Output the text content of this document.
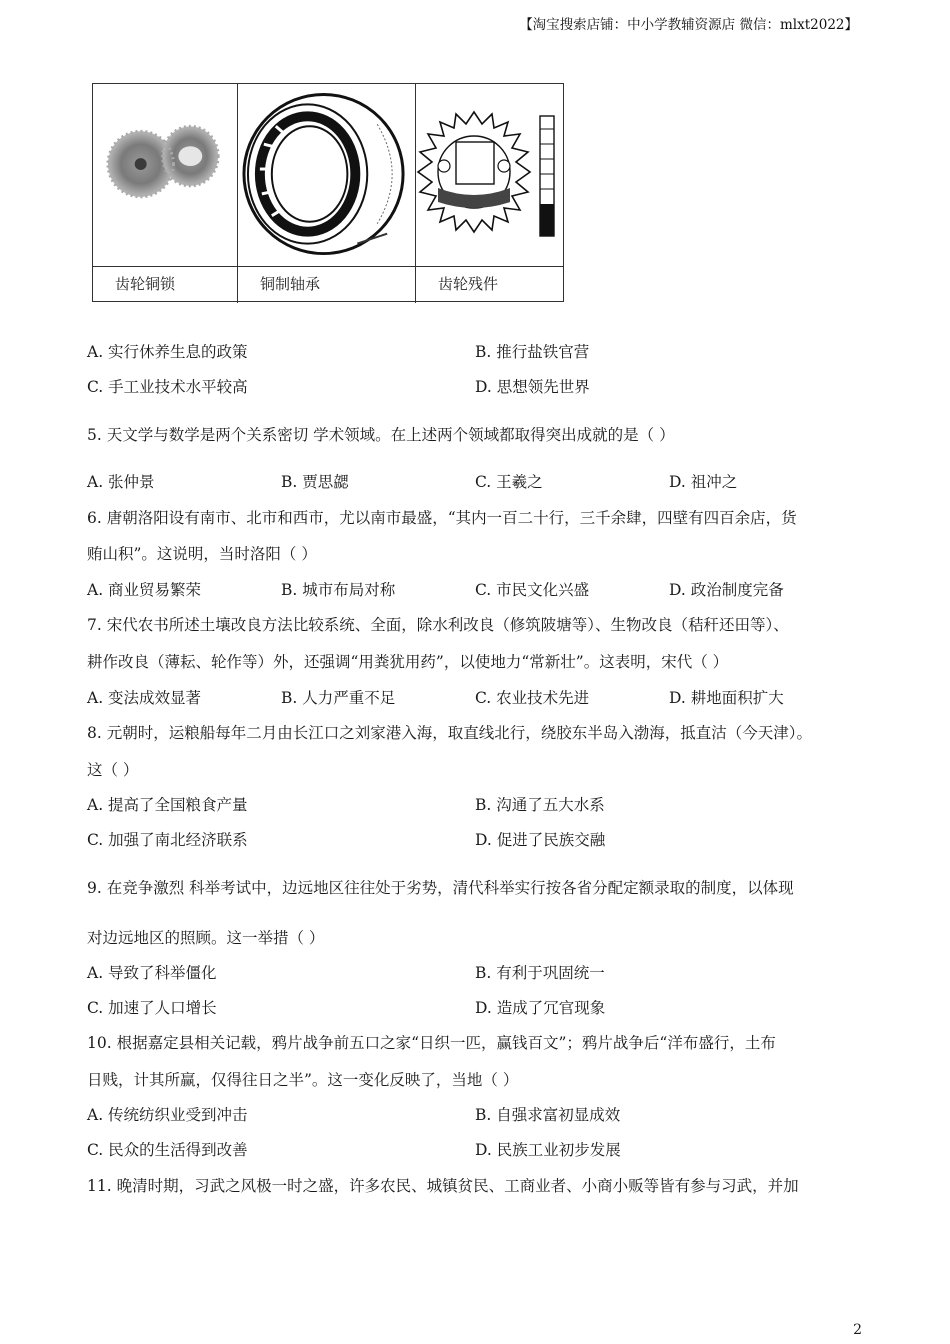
【淘宝搜索店铺：中小学教辅资源店 微信：mlxt2022】
齿轮铜锁	铜制轴承	齿轮残件
A. 实行休养生息的政策	B. 推行盐铁官营
C. 手工业技术水平较高	D. 思想领先世界
5. 天文学与数学是两个关系密切 学术领域。在上述两个领域都取得突出成就的是（ ）
A. 张仲景	B. 贾思勰	C. 王羲之	D. 祖冲之
6. 唐朝洛阳设有南市、北市和西市，尤以南市最盛，“其内一百二十行，三千余肆，四壁有四百余店，货
贿山积”。这说明，当时洛阳（ ）
A. 商业贸易繁荣	B. 城市布局对称	C. 市民文化兴盛	D. 政治制度完备
7. 宋代农书所述土壤改良方法比较系统、全面，除水利改良（修筑陂塘等）、生物改良（秸秆还田等）、
耕作改良（薄耘、轮作等）外，还强调“用粪犹用药”，以使地力“常新壮”。这表明，宋代（ ）
A. 变法成效显著	B. 人力严重不足	C. 农业技术先进	D. 耕地面积扩大
8. 元朝时，运粮船每年二月由长江口之刘家港入海，取直线北行，绕胶东半岛入渤海，抵直沽（今天津）。
这（ ）
A. 提高了全国粮食产量	B. 沟通了五大水系
C. 加强了南北经济联系	D. 促进了民族交融
9. 在竞争激烈 科举考试中，边远地区往往处于劣势，清代科举实行按各省分配定额录取的制度，以体现
对边远地区的照顾。这一举措（ ）
A. 导致了科举僵化	B. 有利于巩固统一
C. 加速了人口增长	D. 造成了冗官现象
10. 根据嘉定县相关记载，鸦片战争前五口之家“日织一匹，赢钱百文”；鸦片战争后“洋布盛行，土布
日贱，计其所赢，仅得往日之半”。这一变化反映了，当地（ ）
A. 传统纺织业受到冲击	B. 自强求富初显成效
C. 民众的生活得到改善	D. 民族工业初步发展
11. 晚清时期，习武之风极一时之盛，许多农民、城镇贫民、工商业者、小商小贩等皆有参与习武，并加
2
